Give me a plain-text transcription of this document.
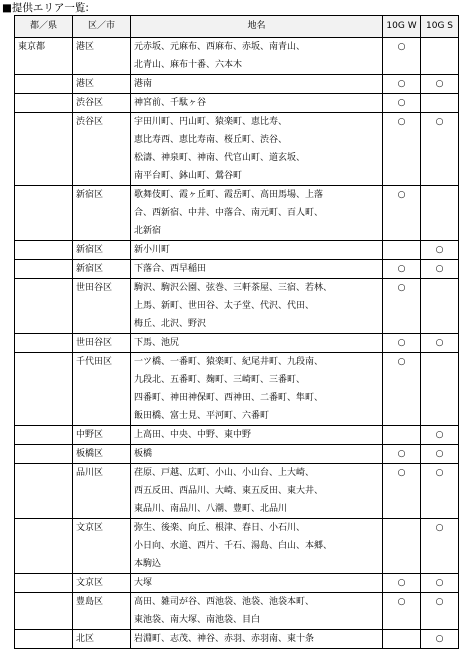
■提供エリア一覧:
都／県	区／市	地名	10G W	10G S
東京都	港区	元赤坂、元麻布、西麻布、赤坂、南青山、
北青山、麻布十番、六本木	○	
	港区	港南	○	○
	渋谷区	神宮前、千駄ヶ谷	○	
	渋谷区	宇田川町、円山町、猿楽町、恵比寿、
恵比寿西、恵比寿南、桜丘町、渋谷、
松濤、神泉町、神南、代官山町、道玄坂、
南平台町、鉢山町、鶯谷町	○	○
	新宿区	歌舞伎町、霞ヶ丘町、霞岳町、高田馬場、上落
合、西新宿、中井、中落合、南元町、百人町、
北新宿	○	
	新宿区	新小川町		○
	新宿区	下落合、西早稲田	○	○
	世田谷区	駒沢、駒沢公園、弦巻、三軒茶屋、三宿、若林、
上馬、新町、世田谷、太子堂、代沢、代田、
梅丘、北沢、野沢	○	
	世田谷区	下馬、池尻	○	○
	千代田区	一ツ橋、一番町、猿楽町、紀尾井町、九段南、
九段北、五番町、麹町、三崎町、三番町、
四番町、神田神保町、西神田、二番町、隼町、
飯田橋、富士見、平河町、六番町	○	
	中野区	上高田、中央、中野、東中野		○
	板橋区	板橋	○	○
	品川区	荏原、戸越、広町、小山、小山台、上大崎、
西五反田、西品川、大崎、東五反田、東大井、
東品川、南品川、八潮、豊町、北品川	○	○
	文京区	弥生、後楽、向丘、根津、春日、小石川、
小日向、水道、西片、千石、湯島、白山、本郷、
本駒込		○
	文京区	大塚	○	○
	豊島区	高田、雑司が谷、西池袋、池袋、池袋本町、
東池袋、南大塚、南池袋、目白	○	○
	北区	岩淵町、志茂、神谷、赤羽、赤羽南、東十条		○
